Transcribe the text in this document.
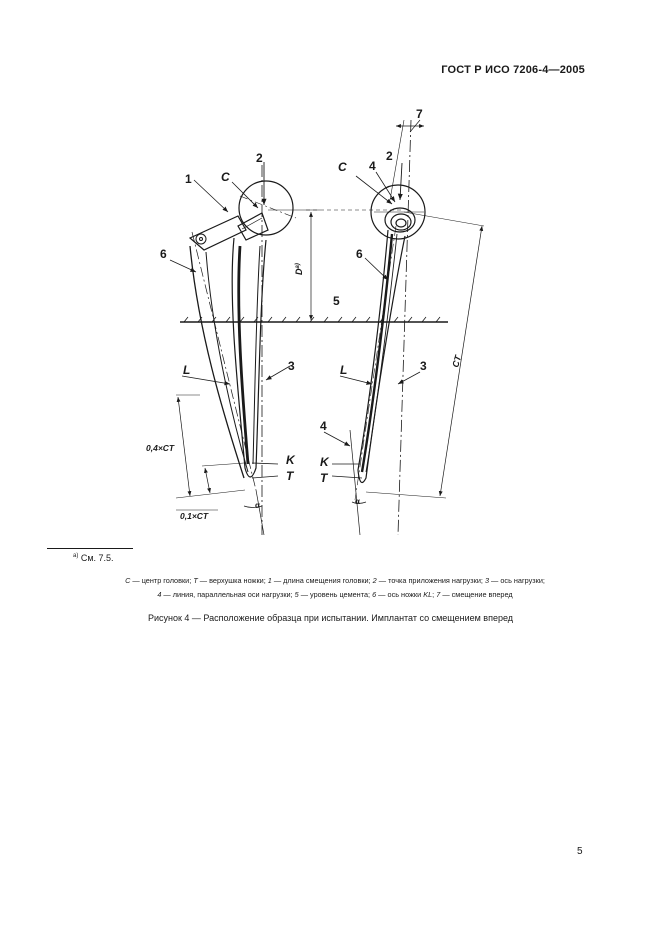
ГОСТ Р ИСО 7206-4—2005
2
C
1
6
L	3
K
T
0,4×CT
0,1×CT
α
$D^{a)}$
5
7
2
C 4
6
L	3
4
K
T
α
CT
$^{a)}$ См. 7.5.

C — центр головки; T — верхушка ножки; 1 — длина смещения головки; 2 — точка приложения нагрузки; 3 — ось нагрузки;

4 — линия, параллельная оси нагрузки; 5 — уровень цемента; 6 — ось ножки KL; 7 — смещение вперед

Рисунок 4 — Расположение образца при испытании. Имплантат со смещением вперед
5
